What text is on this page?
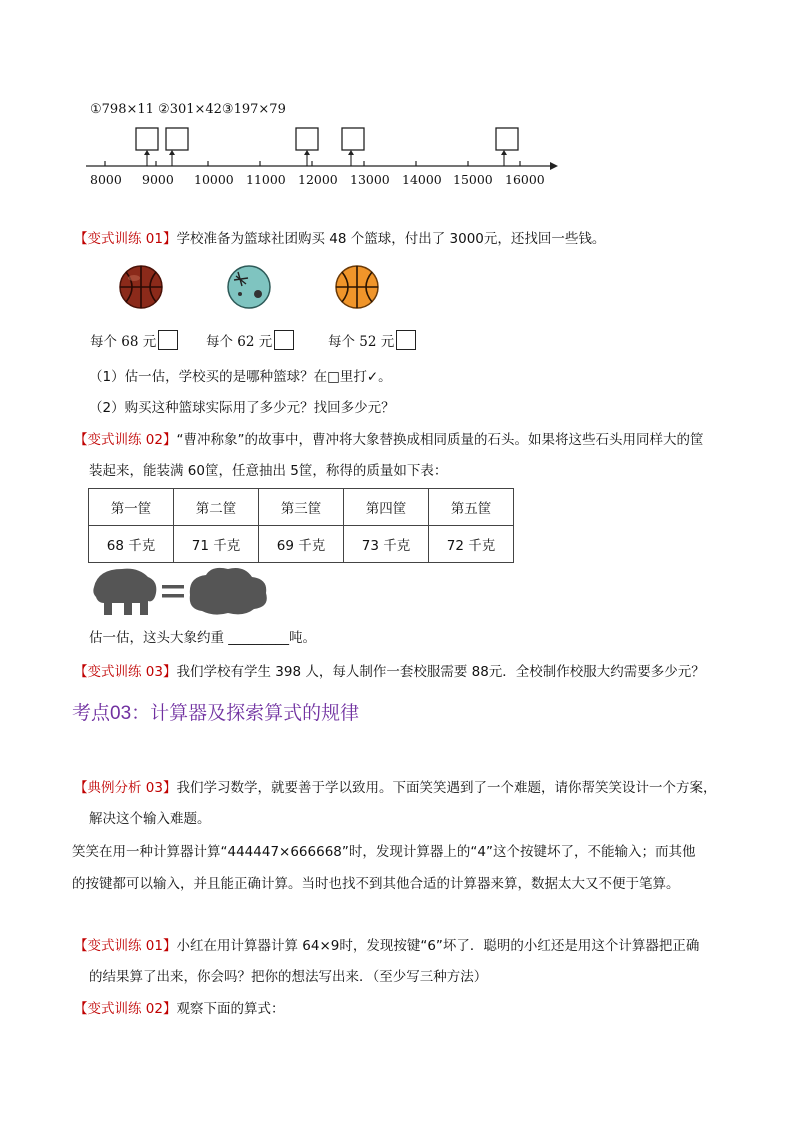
①798×11 ②301×42③197×79
8000 9000 10000 11000 12000 13000 14000 15000 16000
【变式训练 01】学校准备为篮球社团购买 48 个篮球，付出了 3000元，还找回一些钱。
每个 68 元	每个 62 元	每个 52 元
（1）估一估，学校买的是哪种篮球？在□里打✓。
（2）购买这种篮球实际用了多少元？找回多少元？
【变式训练 02】“曹冲称象”的故事中，曹冲将大象替换成相同质量的石头。如果将这些石头用同样大的筐
装起来，能装满 60筐，任意抽出 5筐，称得的质量如下表：
第一筐	第二筐	第三筐	第四筐	第五筐
68 千克	71 千克	69 千克	73 千克	72 千克
估一估，这头大象约重 _________吨。
【变式训练 03】我们学校有学生 398 人，每人制作一套校服需要 88元．全校制作校服大约需要多少元？
考点03：计算器及探索算式的规律
【典例分析 03】我们学习数学，就要善于学以致用。下面笑笑遇到了一个难题，请你帮笑笑设计一个方案，
解决这个输入难题。
笑笑在用一种计算器计算“444447×666668”时，发现计算器上的“4”这个按键坏了，不能输入；而其他
的按键都可以输入，并且能正确计算。当时也找不到其他合适的计算器来算，数据太大又不便于笔算。
【变式训练 01】小红在用计算器计算 64×9时，发现按键“6”坏了．聪明的小红还是用这个计算器把正确
的结果算了出来，你会吗？把你的想法写出来．（至少写三种方法）
【变式训练 02】观察下面的算式：
